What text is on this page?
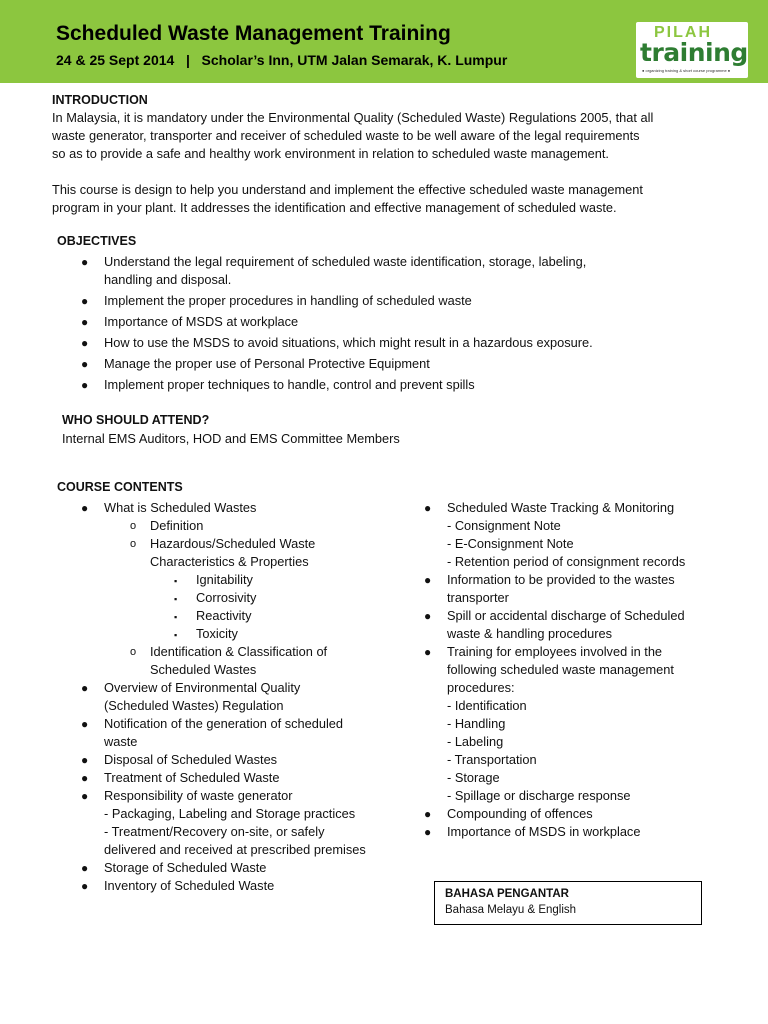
Scheduled Waste Management Training
24 & 25 Sept 2014   |   Scholar’s Inn, UTM Jalan Semarak, K. Lumpur
PILAH
training
● organizing training & short course programme ●
INTRODUCTION
In Malaysia, it is mandatory under the Environmental Quality (Scheduled Waste) Regulations 2005, that all
waste generator, transporter and receiver of scheduled waste to be well aware of the legal requirements
so as to provide a safe and healthy work environment in relation to scheduled waste management.
This course is design to help you understand and implement the effective scheduled waste management
program in your plant. It addresses the identification and effective management of scheduled waste.
OBJECTIVES
● Understand the legal requirement of scheduled waste identification, storage, labeling,
handling and disposal.
● Implement the proper procedures in handling of scheduled waste
● Importance of MSDS at workplace
● How to use the MSDS to avoid situations, which might result in a hazardous exposure.
● Manage the proper use of Personal Protective Equipment
● Implement proper techniques to handle, control and prevent spills
WHO SHOULD ATTEND?
Internal EMS Auditors, HOD and EMS Committee Members
COURSE CONTENTS
● What is Scheduled Wastes
o Definition
o Hazardous/Scheduled Waste
Characteristics & Properties
▪ Ignitability
▪ Corrosivity
▪ Reactivity
▪ Toxicity
o Identification & Classification of
Scheduled Wastes
● Overview of Environmental Quality
(Scheduled Wastes) Regulation
● Notification of the generation of scheduled
waste
● Disposal of Scheduled Wastes
● Treatment of Scheduled Waste
● Responsibility of waste generator
- Packaging, Labeling and Storage practices
- Treatment/Recovery on-site, or safely
delivered and received at prescribed premises
● Storage of Scheduled Waste
● Inventory of Scheduled Waste
● Scheduled Waste Tracking & Monitoring
- Consignment Note
- E-Consignment Note
- Retention period of consignment records
● Information to be provided to the wastes
transporter
● Spill or accidental discharge of Scheduled
waste & handling procedures
● Training for employees involved in the
following scheduled waste management
procedures:
- Identification
- Handling
- Labeling
- Transportation
- Storage
- Spillage or discharge response
● Compounding of offences
● Importance of MSDS in workplace
BAHASA PENGANTAR
Bahasa Melayu & English
